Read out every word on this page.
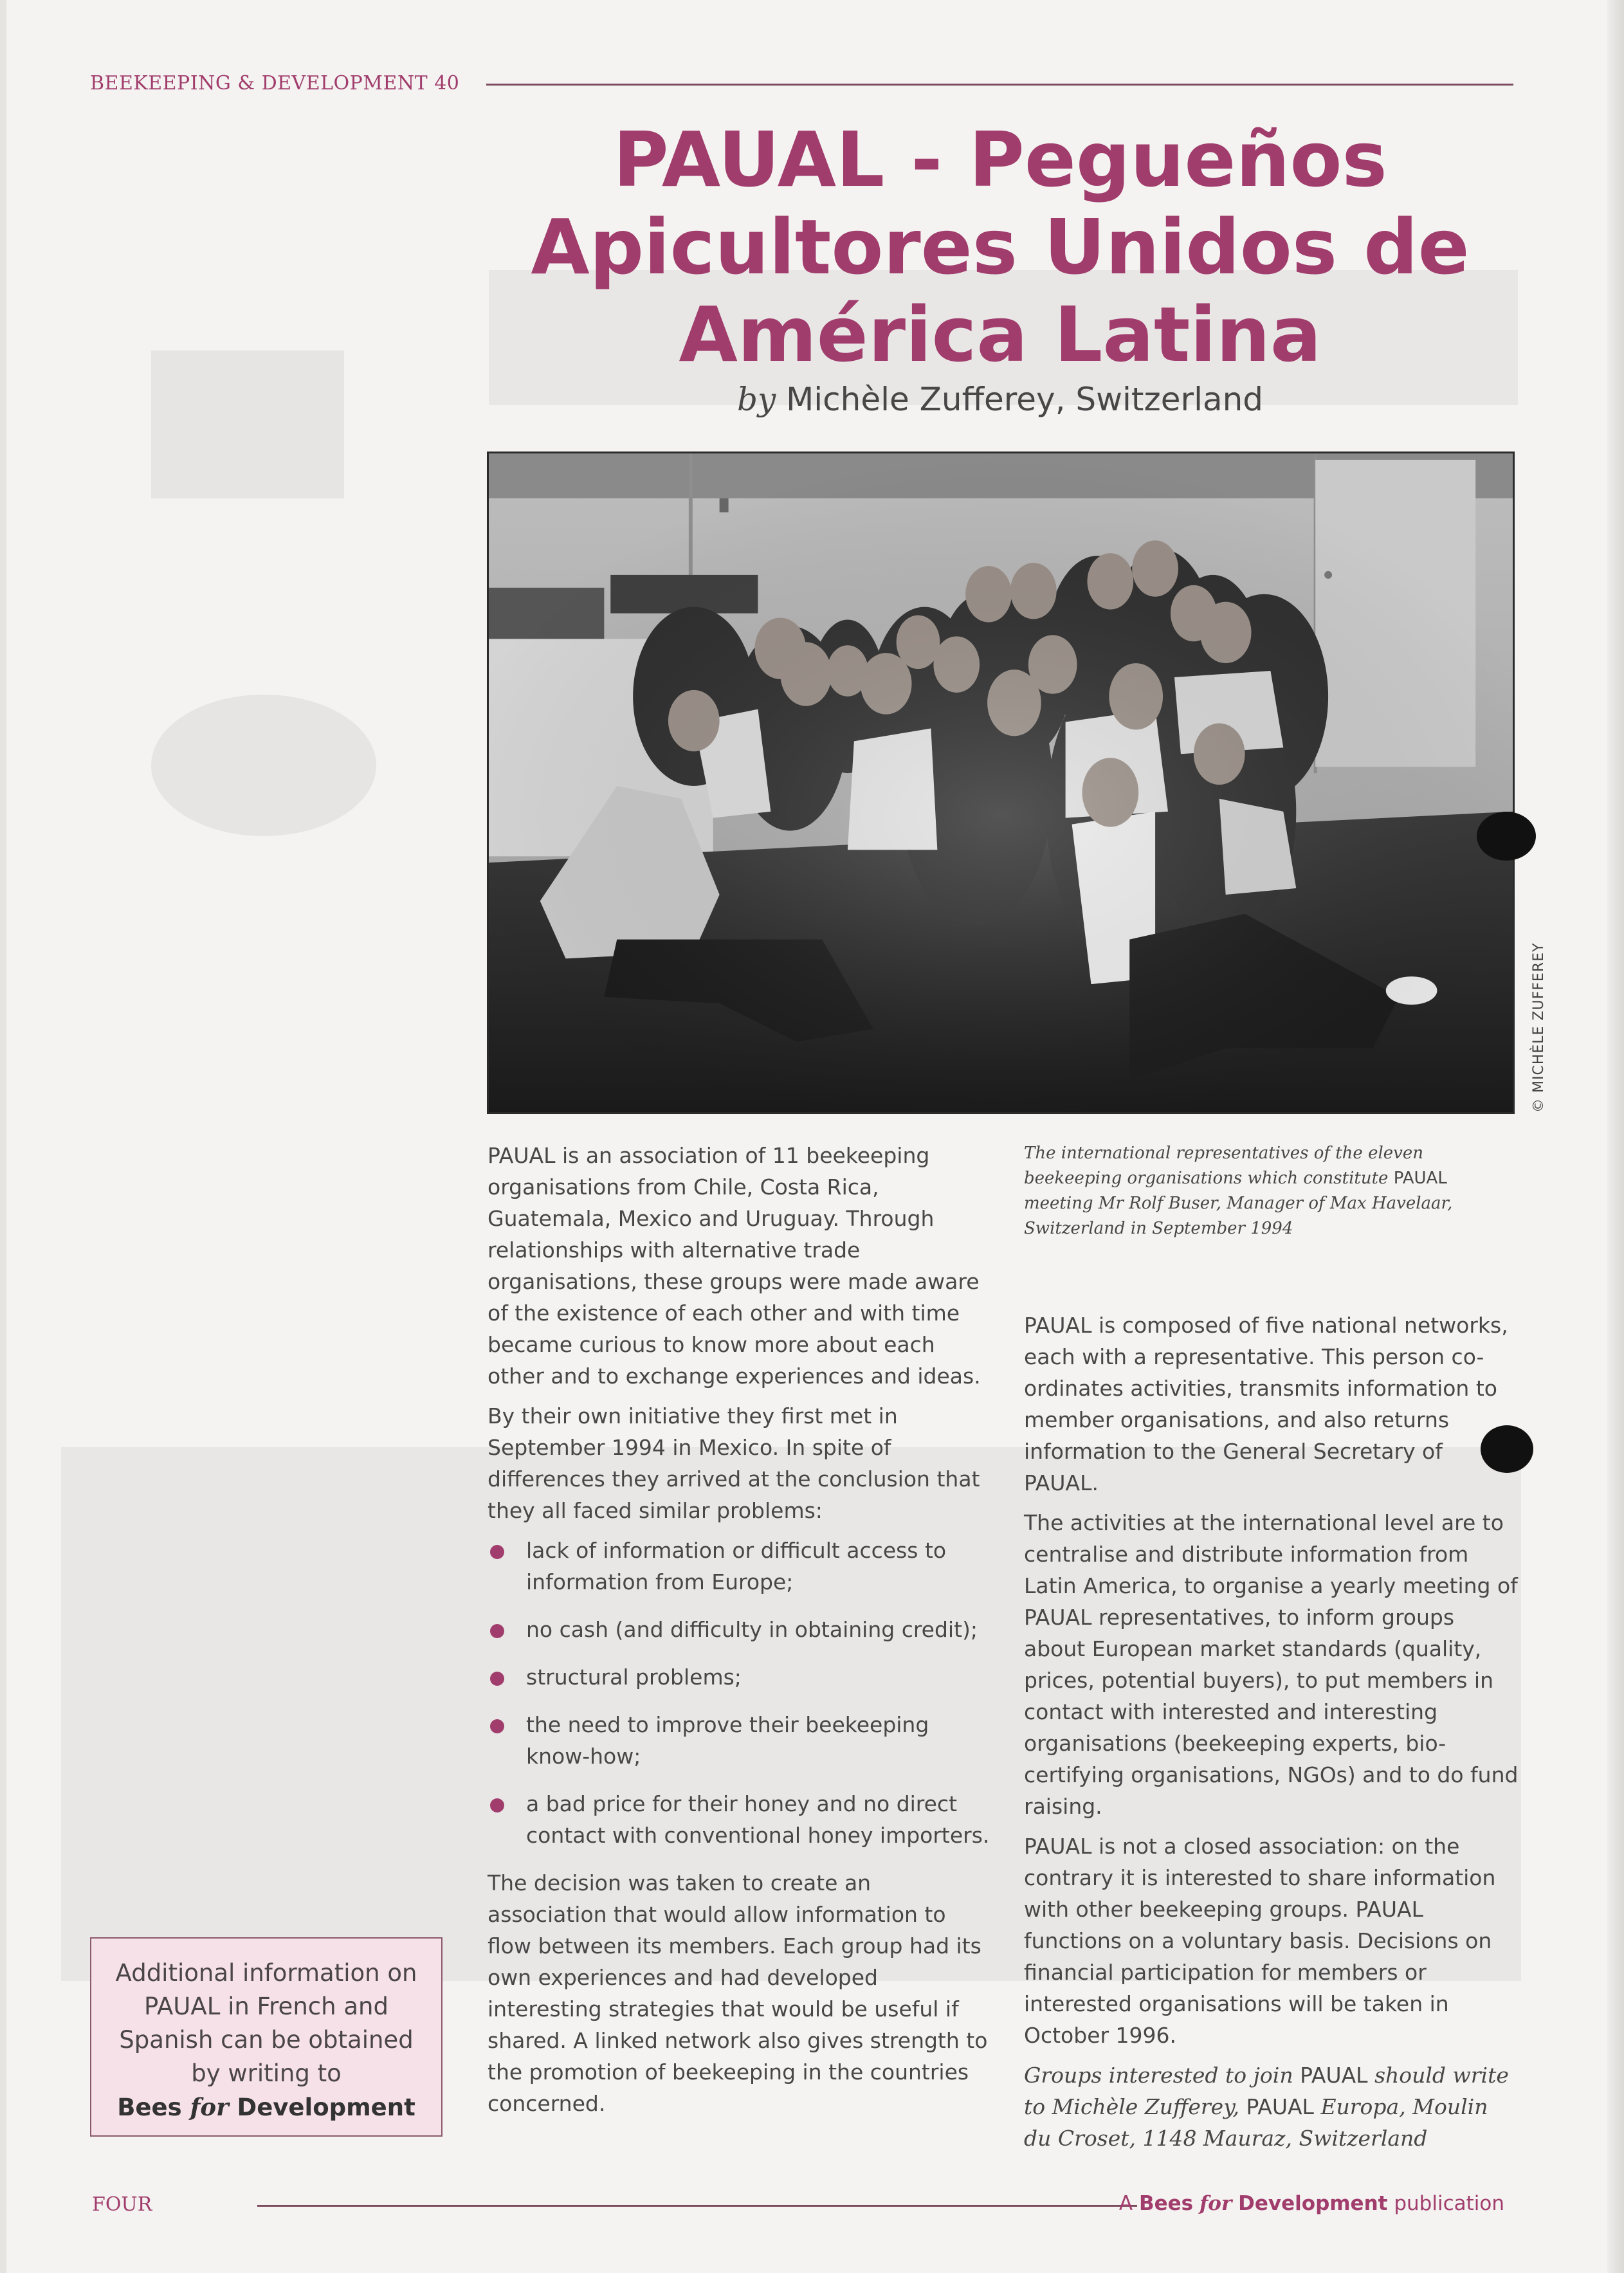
BEEKEEPING & DEVELOPMENT 40
PAUAL - Pegueños
Apicultores Unidos de
América Latina
by Michèle Zufferey, Switzerland
© MICHÈLE ZUFFEREY
The international representatives of the eleven beekeeping organisations which constitute PAUAL meeting Mr Rolf Buser, Manager of Max Havelaar, Switzerland in September 1994

PAUAL is an association of 11 beekeeping organisations from Chile, Costa Rica, Guatemala, Mexico and Uruguay. Through relationships with alternative trade organisations, these groups were made aware of the existence of each other and with time became curious to know more about each other and to exchange experiences and ideas.

By their own initiative they first met in September 1994 in Mexico. In spite of differences they arrived at the conclusion that they all faced similar problems:

lack of information or difficult access to information from Europe;
no cash (and difficulty in obtaining credit);
structural problems;
the need to improve their beekeeping know-how;
a bad price for their honey and no direct contact with conventional honey importers.

The decision was taken to create an association that would allow information to flow between its members. Each group had its own experiences and had developed interesting strategies that would be useful if shared. A linked network also gives strength to the promotion of beekeeping in the countries concerned.

PAUAL is composed of five national networks, each with a representative. This person co-ordinates activities, transmits information to member organisations, and also returns information to the General Secretary of PAUAL.

The activities at the international level are to centralise and distribute information from Latin America, to organise a yearly meeting of PAUAL representatives, to inform groups about European market standards (quality, prices, potential buyers), to put members in contact with interested and interesting organisations (beekeeping experts, bio-certifying organisations, NGOs) and to do fund raising.

PAUAL is not a closed association: on the contrary it is interested to share information with other beekeeping groups. PAUAL functions on a voluntary basis. Decisions on financial participation for members or interested organisations will be taken in October 1996.

Groups interested to join PAUAL should write to Michèle Zufferey, PAUAL Europa, Moulin du Croset, 1148 Mauraz, Switzerland

Additional information on
PAUAL in French and
Spanish can be obtained
by writing to
Bees for Development
FOUR	A Bees for Development publication
